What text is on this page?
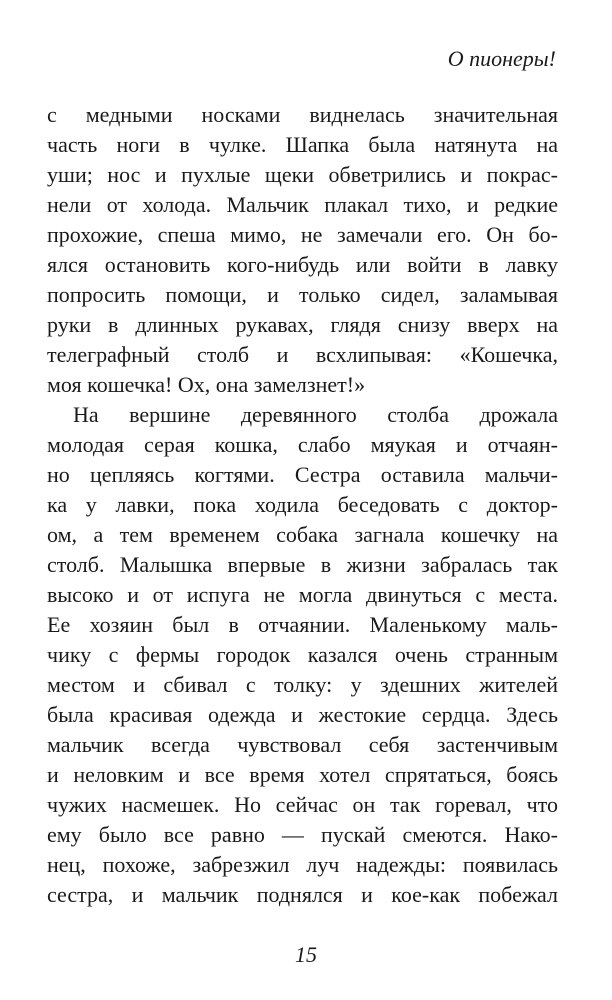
О пионеры!
с медными носками виднелась значительная
часть ноги в чулке. Шапка была натянута на
уши; нос и пухлые щеки обветрились и покрас-
нели от холода. Мальчик плакал тихо, и редкие
прохожие, спеша мимо, не замечали его. Он бо-
ялся остановить кого-нибудь или войти в лавку
попросить помощи, и только сидел, заламывая
руки в длинных рукавах, глядя снизу вверх на
телеграфный столб и всхлипывая: «Кошечка,
моя кошечка! Ох, она замелзнет!»
На вершине деревянного столба дрожала
молодая серая кошка, слабо мяукая и отчаян-
но цепляясь когтями. Сестра оставила мальчи-
ка у лавки, пока ходила беседовать с доктор-
ом, а тем временем собака загнала кошечку на
столб. Малышка впервые в жизни забралась так
высоко и от испуга не могла двинуться с места.
Ее хозяин был в отчаянии. Маленькому маль-
чику с фермы городок казался очень странным
местом и сбивал с толку: у здешних жителей
была красивая одежда и жестокие сердца. Здесь
мальчик всегда чувствовал себя застенчивым
и неловким и все время хотел спрятаться, боясь
чужих насмешек. Но сейчас он так горевал, что
ему было все равно — пускай смеются. Нако-
нец, похоже, забрезжил луч надежды: появилась
сестра, и мальчик поднялся и кое-как побежал
15
